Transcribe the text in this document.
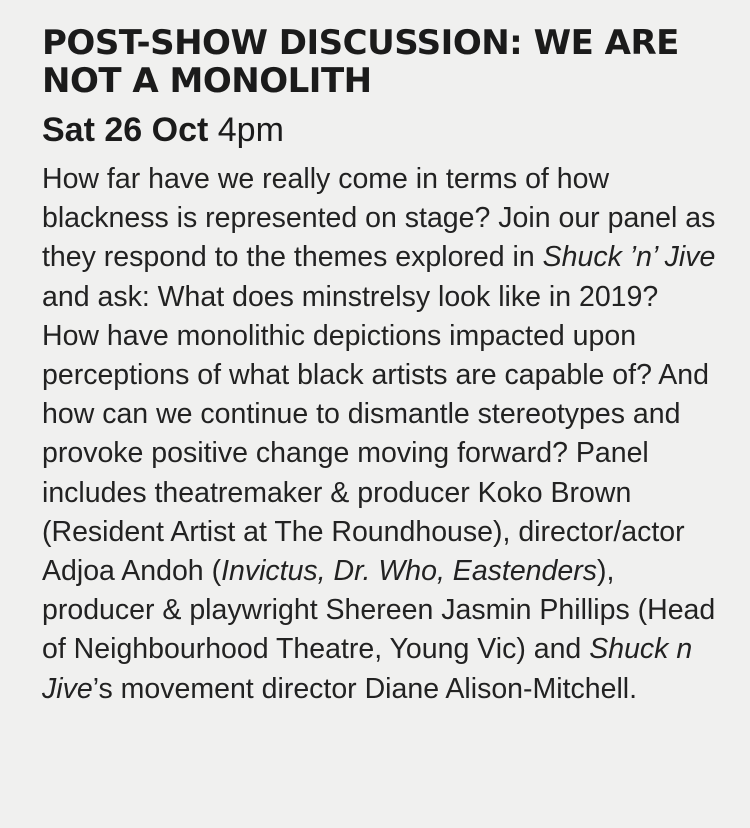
POST-SHOW DISCUSSION: WE ARE NOT A MONOLITH
Sat 26 Oct 4pm

How far have we really come in terms of how blackness is represented on stage? Join our panel as they respond to the themes explored in Shuck ’n’ Jive and ask: What does minstrelsy look like in 2019? How have monolithic depictions impacted upon perceptions of what black artists are capable of? And how can we continue to dismantle stereotypes and provoke positive change moving forward? Panel includes theatremaker & producer Koko Brown (Resident Artist at The Roundhouse), director/actor Adjoa Andoh (Invictus, Dr. Who, Eastenders), producer & playwright Shereen Jasmin Phillips (Head of Neighbourhood Theatre, Young Vic) and Shuck n Jive’s movement director Diane Alison-Mitchell.
